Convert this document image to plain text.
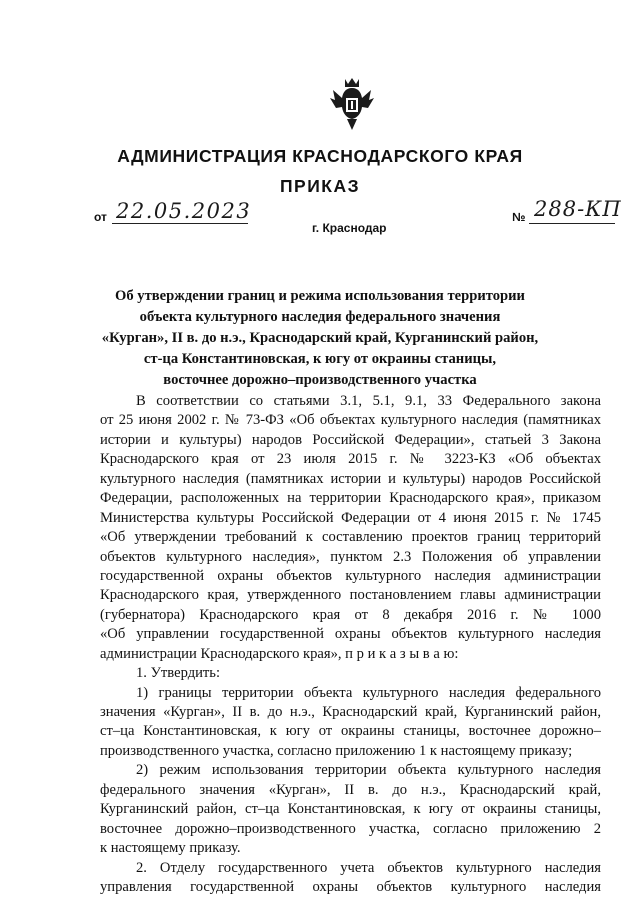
АДМИНИСТРАЦИЯ КРАСНОДАРСКОГО КРАЯ
ПРИКАЗ
от 22.05.2023
г. Краснодар
№ 288-КП
Об утверждении границ и режима использования территории
объекта культурного наследия федерального значения
«Курган», II в. до н.э., Краснодарский край, Курганинский район,
ст-ца Константиновская, к югу от окраины станицы,
восточнее дорожно–производственного участка
В соответствии со статьями 3.1, 5.1, 9.1, 33 Федерального закона
от 25 июня 2002 г. № 73-ФЗ «Об объектах культурного наследия (памятниках
истории и культуры) народов Российской Федерации», статьей 3 Закона
Краснодарского края от 23 июля 2015 г. № 3223-КЗ «Об объектах
культурного наследия (памятниках истории и культуры) народов Российской
Федерации, расположенных на территории Краснодарского края», приказом
Министерства культуры Российской Федерации от 4 июня 2015 г. № 1745
«Об утверждении требований к составлению проектов границ территорий
объектов культурного наследия», пунктом 2.3 Положения об управлении
государственной охраны объектов культурного наследия администрации
Краснодарского края, утвержденного постановлением главы администрации
(губернатора) Краснодарского края от 8 декабря 2016 г. № 1000
«Об управлении государственной охраны объектов культурного наследия
администрации Краснодарского края», п р и к а з ы в а ю:
1. Утвердить:
1) границы территории объекта культурного наследия федерального
значения «Курган», II в. до н.э., Краснодарский край, Курганинский район,
ст–ца Константиновская, к югу от окраины станицы, восточнее дорожно–
производственного участка, согласно приложению 1 к настоящему приказу;
2) режим использования территории объекта культурного наследия
федерального значения «Курган», II в. до н.э., Краснодарский край,
Курганинский район, ст–ца Константиновская, к югу от окраины станицы,
восточнее дорожно–производственного участка, согласно приложению 2
к настоящему приказу.
2. Отделу государственного учета объектов культурного наследия
управления государственной охраны объектов культурного наследия
